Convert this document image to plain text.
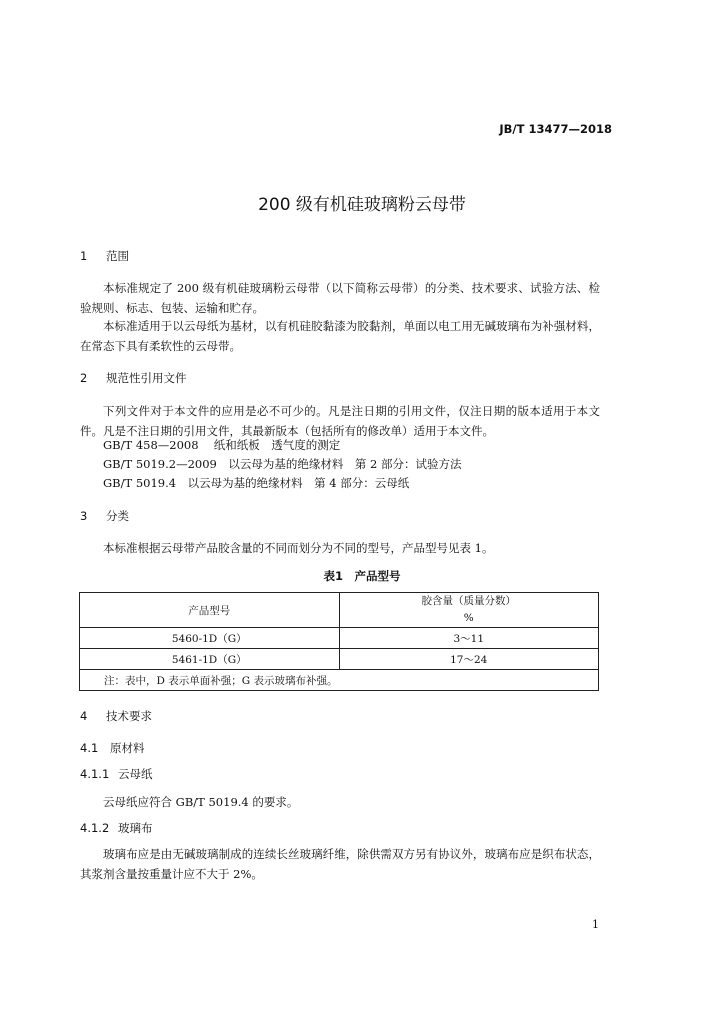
JB/T 13477—2018
200 级有机硅玻璃粉云母带
1 范围
本标准规定了 200 级有机硅玻璃粉云母带（以下简称云母带）的分类、技术要求、试验方法、检验规则、标志、包装、运输和贮存。
本标准适用于以云母纸为基材，以有机硅胶黏漆为胶黏剂，单面以电工用无碱玻璃布为补强材料，在常态下具有柔软性的云母带。
2 规范性引用文件
下列文件对于本文件的应用是必不可少的。凡是注日期的引用文件，仅注日期的版本适用于本文件。凡是不注日期的引用文件，其最新版本（包括所有的修改单）适用于本文件。
GB/T 458—2008　 纸和纸板　透气度的测定
GB/T 5019.2—2009　以云母为基的绝缘材料　第 2 部分：试验方法
GB/T 5019.4　以云母为基的绝缘材料　第 4 部分：云母纸
3 分类
本标准根据云母带产品胶含量的不同而划分为不同的型号，产品型号见表 1。
表1　产品型号
产品型号	胶含量（质量分数）
%

5460-1D（G）	3～11
5461-1D（G）	17～24
注：表中，D 表示单面补强；G 表示玻璃布补强。	
4 技术要求
4.1 原材料
4.1.1 云母纸
云母纸应符合 GB/T 5019.4 的要求。
4.1.2 玻璃布
玻璃布应是由无碱玻璃制成的连续长丝玻璃纤维，除供需双方另有协议外，玻璃布应是织布状态，其浆剂含量按重量计应不大于 2%。
1
